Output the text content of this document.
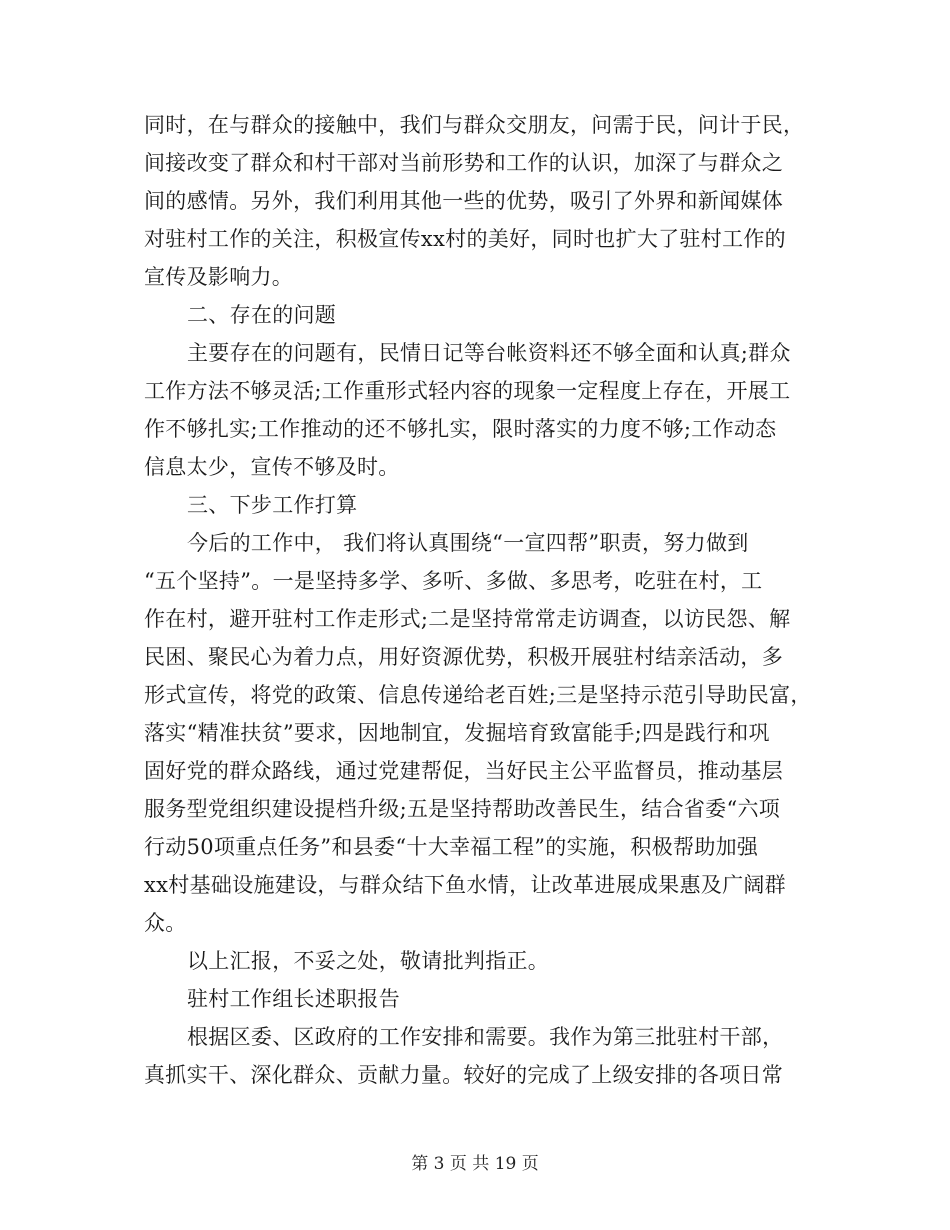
同时，在与群众的接触中，我们与群众交朋友，问需于民，问计于民，
间接改变了群众和村干部对当前形势和工作的认识，加深了与群众之
间的感情。另外，我们利用其他一些的优势，吸引了外界和新闻媒体
对驻村工作的关注，积极宣传xx村的美好，同时也扩大了驻村工作的
宣传及影响力。
二、存在的问题
主要存在的问题有，民情日记等台帐资料还不够全面和认真;群众
工作方法不够灵活;工作重形式轻内容的现象一定程度上存在，开展工
作不够扎实;工作推动的还不够扎实，限时落实的力度不够;工作动态
信息太少，宣传不够及时。
三、下步工作打算
今后的工作中， 我们将认真围绕“一宣四帮”职责，努力做到
“五个坚持”。一是坚持多学、多听、多做、多思考，吃驻在村，工
作在村，避开驻村工作走形式;二是坚持常常走访调查，以访民怨、解
民困、聚民心为着力点，用好资源优势，积极开展驻村结亲活动，多
形式宣传，将党的政策、信息传递给老百姓;三是坚持示范引导助民富，
落实“精准扶贫”要求，因地制宜，发掘培育致富能手;四是践行和巩
固好党的群众路线，通过党建帮促，当好民主公平监督员，推动基层
服务型党组织建设提档升级;五是坚持帮助改善民生，结合省委“六项
行动50项重点任务”和县委“十大幸福工程”的实施，积极帮助加强
xx村基础设施建设，与群众结下鱼水情，让改革进展成果惠及广阔群
众。
以上汇报，不妥之处，敬请批判指正。
驻村工作组长述职报告
根据区委、区政府的工作安排和需要。我作为第三批驻村干部，
真抓实干、深化群众、贡献力量。较好的完成了上级安排的各项日常
第 3 页 共 19 页
